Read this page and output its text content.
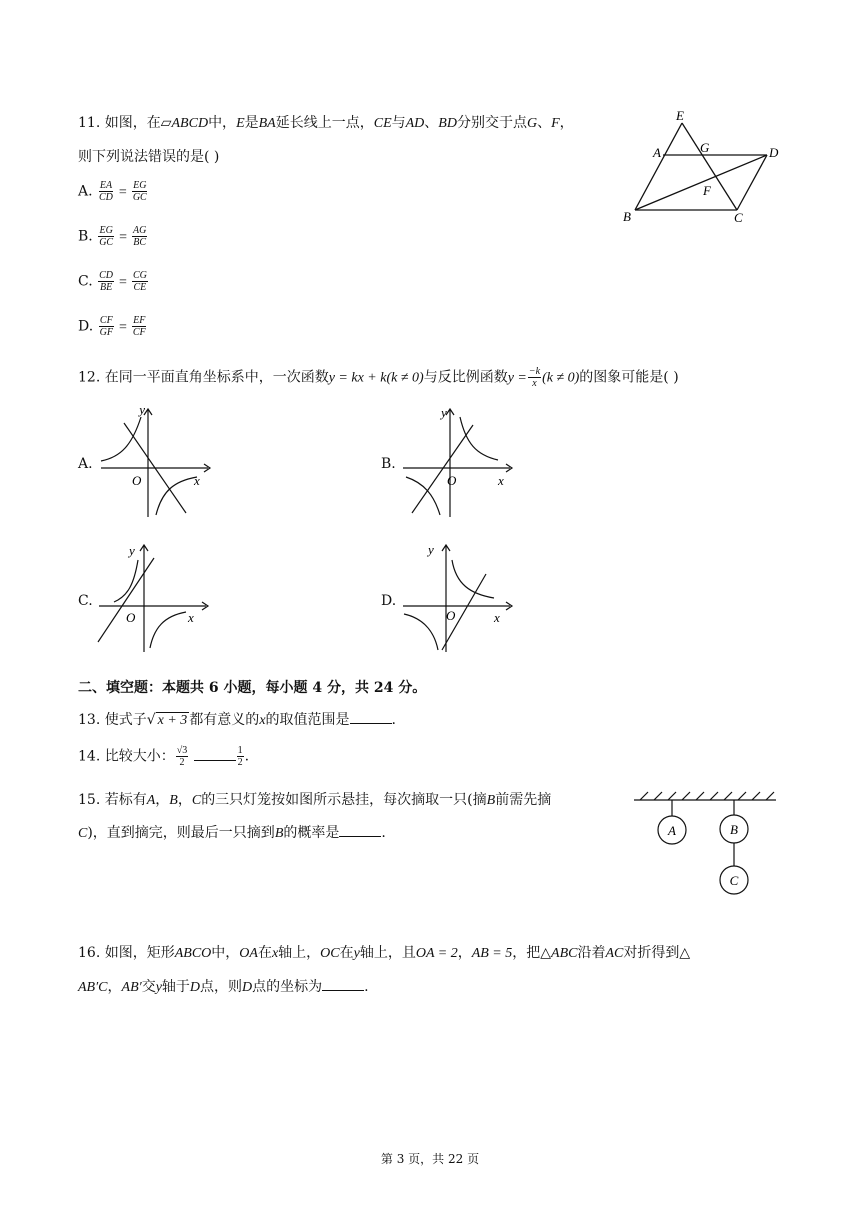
11. 如图，在▱ABCD中，E是BA延长线上一点，CE与AD、BD分别交于点G、F，
则下列说法错误的是( )
A. $\frac{EA}{CD} = \frac{EG}{GC}$
B. $\frac{EG}{GC} = \frac{AG}{BC}$
C. $\frac{CD}{BE} = \frac{CG}{CE}$
D. $\frac{CF}{GF} = \frac{EF}{CF}$
E
G
A	D
F
B	C
12. 在同一平面直角坐标系中，一次函数y = kx + k(k ≠ 0)与反比例函数$y = \frac{-k}{x} (k \ne 0)$的图象可能是( )
A.
y
O	x
B.
y
O	x
C.
y
O	x
D.
y
O	x
二、填空题：本题共 6 小题，每小题 4 分，共 24 分。
13. 使式子√ x + 3 都有意义的x的取值范围是	.
14. 比较大小： $\frac{√3}{2}$
	$\frac{1}{2}$ .
15. 若标有A，B，C的三只灯笼按如图所示悬挂，每次摘取一只(摘B前需先摘
C)，直到摘完，则最后一只摘到B的概率是	.	A	B
C
16. 如图，矩形ABCO中，OA在x轴上，OC在y轴上，且OA = 2，AB = 5，把△ABC沿着AC对折得到△
AB′C，AB′交y轴于D点，则D点的坐标为	.
第 3 页，共 22 页
